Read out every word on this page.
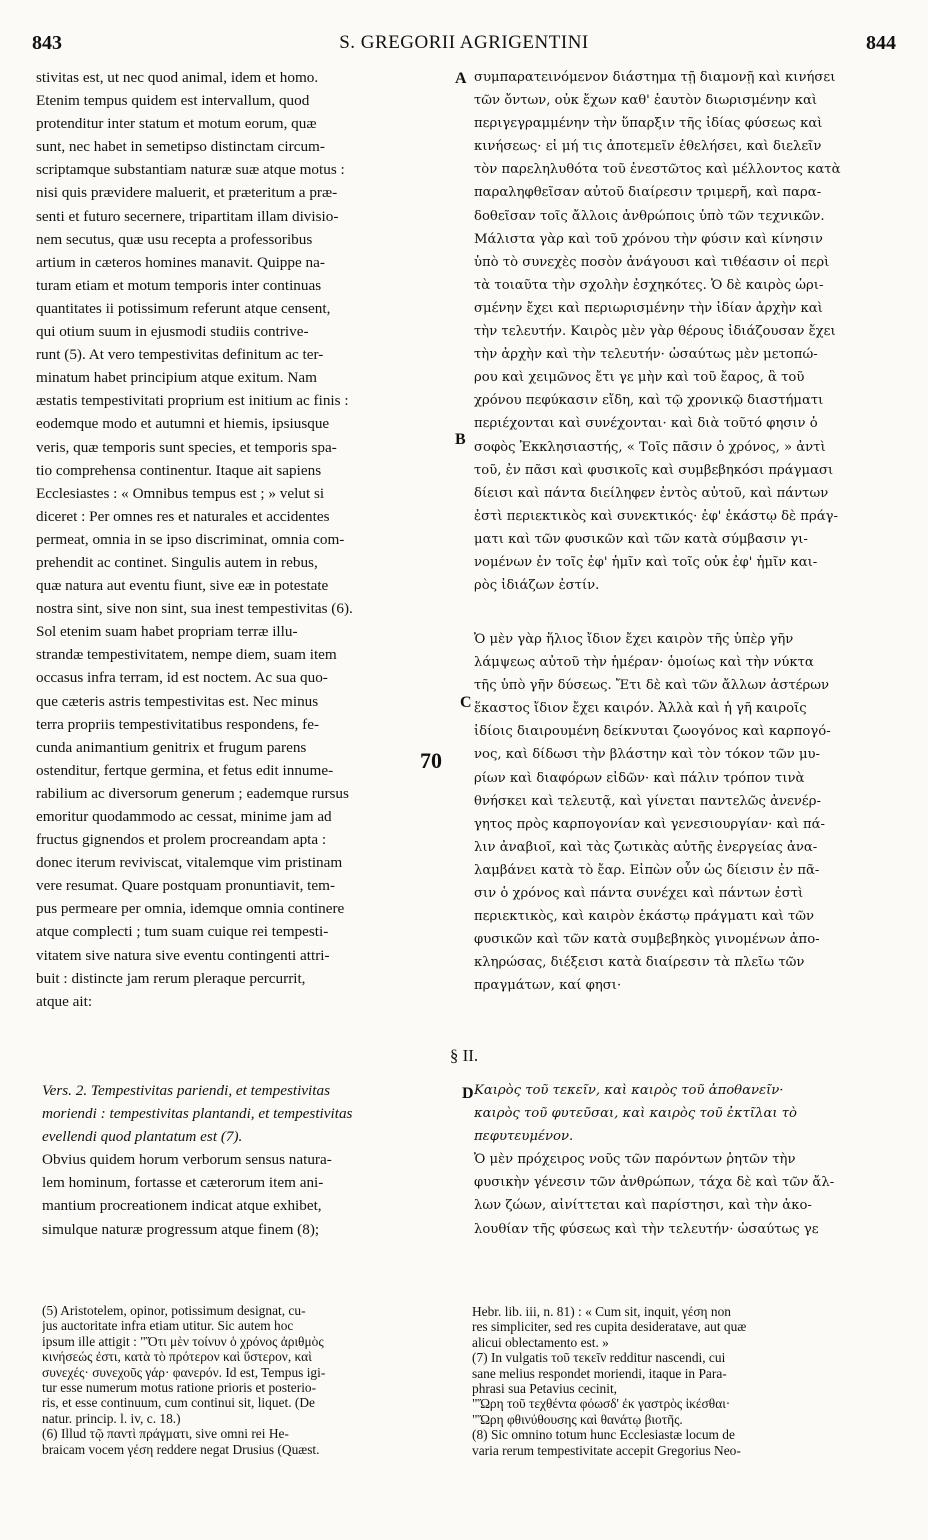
843	S. GREGORII AGRIGENTINI	844
stivitas est, ut nec quod animal, idem et homo.
Etenim tempus quidem est intervallum, quod
protenditur inter statum et motum eorum, quæ
sunt, nec habet in semetipso distinctam circum-
scriptamque substantiam naturæ suæ atque motus :
nisi quis prævidere maluerit, et præteritum a præ-
senti et futuro secernere, tripartitam illam divisio-
nem secutus, quæ usu recepta a professoribus
artium in cæteros homines manavit. Quippe na-
turam etiam et motum temporis inter continuas
quantitates ii potissimum referunt atque censent,
qui otium suum in ejusmodi studiis contrive-
runt (5). At vero tempestivitas definitum ac ter-
minatum habet principium atque exitum. Nam
æstatis tempestivitati proprium est initium ac finis :
eodemque modo et autumni et hiemis, ipsiusque
veris, quæ temporis sunt species, et temporis spa-
tio comprehensa continentur. Itaque ait sapiens
Ecclesiastes : « Omnibus tempus est ; » velut si
diceret : Per omnes res et naturales et accidentes
permeat, omnia in se ipso discriminat, omnia com-
prehendit ac continet. Singulis autem in rebus,
quæ natura aut eventu fiunt, sive eæ in potestate
nostra sint, sive non sint, sua inest tempestivitas (6).
Sol etenim suam habet propriam terræ illu-
strandæ tempestivitatem, nempe diem, suam item
occasus infra terram, id est noctem. Ac sua quo-
que cæteris astris tempestivitas est. Nec minus
terra propriis tempestivitatibus respondens, fe-
cunda animantium genitrix et frugum parens
ostenditur, fertque germina, et fetus edit innume-
rabilium ac diversorum generum ; eademque rursus
emoritur quodammodo ac cessat, minime jam ad
fructus gignendos et prolem procreandam apta :
donec iterum reviviscat, vitalemque vim pristinam
vere resumat. Quare postquam pronuntiavit, tem-
pus permeare per omnia, idemque omnia continere
atque complecti ; tum suam cuique rei tempesti-
vitatem sive natura sive eventu contingenti attri-
buit : distincte jam rerum pleraque percurrit,
atque ait:
συμπαρατεινόμενον διάστημα τῇ διαμονῇ καὶ κινήσει
τῶν ὄντων, οὐκ ἔχων καθ' ἑαυτὸν διωρισμένην καὶ
περιγεγραμμένην τὴν ὕπαρξιν τῆς ἰδίας φύσεως καὶ
κινήσεως· εἰ μή τις ἀποτεμεῖν ἐθελήσει, καὶ διελεῖν
τὸν παρεληλυθότα τοῦ ἐνεστῶτος καὶ μέλλοντος κατὰ
παραληφθεῖσαν αὐτοῦ διαίρεσιν τριμερῆ, καὶ παρα-
δοθεῖσαν τοῖς ἄλλοις ἀνθρώποις ὑπὸ τῶν τεχνικῶν.
Μάλιστα γὰρ καὶ τοῦ χρόνου τὴν φύσιν καὶ κίνησιν
ὑπὸ τὸ συνεχὲς ποσὸν ἀνάγουσι καὶ τιθέασιν οἱ περὶ
τὰ τοιαῦτα τὴν σχολὴν ἐσχηκότες. Ὁ δὲ καιρὸς ὡρι-
σμένην ἔχει καὶ περιωρισμένην τὴν ἰδίαν ἀρχὴν καὶ
τὴν τελευτήν. Καιρὸς μὲν γὰρ θέρους ἰδιάζουσαν ἔχει
τὴν ἀρχὴν καὶ τὴν τελευτήν· ὡσαύτως μὲν μετοπώ-
ρου καὶ χειμῶνος ἔτι γε μὴν καὶ τοῦ ἔαρος, ἃ τοῦ
χρόνου πεφύκασιν εἴδη, καὶ τῷ χρονικῷ διαστήματι
περιέχονται καὶ συνέχονται· καὶ διὰ τοῦτό φησιν ὁ
σοφὸς Ἐκκλησιαστής, « Τοῖς πᾶσιν ὁ χρόνος, » ἀντὶ
τοῦ, ἐν πᾶσι καὶ φυσικοῖς καὶ συμβεβηκόσι πράγμασι
δίεισι καὶ πάντα διείληφεν ἐντὸς αὐτοῦ, καὶ πάντων
ἐστὶ περιεκτικὸς καὶ συνεκτικός· ἐφ' ἑκάστῳ δὲ πράγ-
ματι καὶ τῶν φυσικῶν καὶ τῶν κατὰ σύμβασιν γι-
νομένων ἐν τοῖς ἐφ' ἡμῖν καὶ τοῖς οὐκ ἐφ' ἡμῖν και-
ρὸς ἰδιάζων ἐστίν.
Ὁ μὲν γὰρ ἥλιος ἴδιον ἔχει καιρὸν τῆς ὑπὲρ γῆν
λάμψεως αὐτοῦ τὴν ἡμέραν· ὁμοίως καὶ τὴν νύκτα
τῆς ὑπὸ γῆν δύσεως. Ἔτι δὲ καὶ τῶν ἄλλων ἀστέρων
ἕκαστος ἴδιον ἔχει καιρόν. Ἀλλὰ καὶ ἡ γῆ καιροῖς
ἰδίοις διαιρουμένη δείκνυται ζωογόνος καὶ καρπογό-
νος, καὶ δίδωσι τὴν βλάστην καὶ τὸν τόκον τῶν μυ-
ρίων καὶ διαφόρων εἰδῶν· καὶ πάλιν τρόπον τινὰ
θνήσκει καὶ τελευτᾷ, καὶ γίνεται παντελῶς ἀνενέρ-
γητος πρὸς καρπογονίαν καὶ γενεσιουργίαν· καὶ πά-
λιν ἀναβιοῖ, καὶ τὰς ζωτικὰς αὐτῆς ἐνεργείας ἀνα-
λαμβάνει κατὰ τὸ ἔαρ. Εἰπὼν οὖν ὡς δίεισιν ἐν πᾶ-
σιν ὁ χρόνος καὶ πάντα συνέχει καὶ πάντων ἐστὶ
περιεκτικὸς, καὶ καιρὸν ἑκάστῳ πράγματι καὶ τῶν
φυσικῶν καὶ τῶν κατὰ συμβεβηκὸς γινομένων ἀπο-
κληρώσας, διέξεισι κατὰ διαίρεσιν τὰ πλεῖω τῶν
πραγμάτων, καί φησι·
A
B
C
70
D
§ II.
Vers. 2. Tempestivitas pariendi, et tempestivitas
moriendi : tempestivitas plantandi, et tempestivitas
evellendi quod plantatum est (7).
Obvius quidem horum verborum sensus natura-
lem hominum, fortasse et cæterorum item ani-
mantium procreationem indicat atque exhibet,
simulque naturæ progressum atque finem (8);
Καιρὸς τοῦ τεκεῖν, καὶ καιρὸς τοῦ ἀποθανεῖν·
καιρὸς τοῦ φυτεῦσαι, καὶ καιρὸς τοῦ ἐκτῖλαι τὸ
πεφυτευμένον.
Ὁ μὲν πρόχειρος νοῦς τῶν παρόντων ῥητῶν τὴν
φυσικὴν γένεσιν τῶν ἀνθρώπων, τάχα δὲ καὶ τῶν ἄλ-
λων ζώων, αἰνίττεται καὶ παρίστησι, καὶ τὴν ἀκο-
λουθίαν τῆς φύσεως καὶ τὴν τελευτήν· ὡσαύτως γε
(5) Aristotelem, opinor, potissimum designat, cu-
jus auctoritate infra etiam utitur. Sic autem hoc
ipsum ille attigit : "Ὅτι μὲν τοίνυν ὁ χρόνος ἀριθμὸς
κινήσεώς ἐστι, κατὰ τὸ πρότερον καὶ ὕστερον, καὶ
συνεχές· συνεχοῦς γάρ· φανερόν. Id est, Tempus igi-
tur esse numerum motus ratione prioris et posterio-
ris, et esse continuum, cum continui sit, liquet. (De
natur. princip. l. iv, c. 18.)
(6) Illud τῷ παντὶ πράγματι, sive omni rei He-
braicam vocem γέση reddere negat Drusius (Quæst.
Hebr. lib. iii, n. 81) : « Cum sit, inquit, γέση non
res simpliciter, sed res cupita desideratave, aut quæ
alicui oblectamento est. »
(7) In vulgatis τοῦ τεκεῖν redditur nascendi, cui
sane melius respondet moriendi, itaque in Para-
phrasi sua Petavius cecinit,
"Ὥρη τοῦ τεχθέντα φόωσδ' ἐκ γαστρὸς ἱκέσθαι·
"Ὥρη φθινύθουσης καὶ θανάτῳ βιοτῆς.
(8) Sic omnino totum hunc Ecclesiastæ locum de
varia rerum tempestivitate accepit Gregorius Neo-
